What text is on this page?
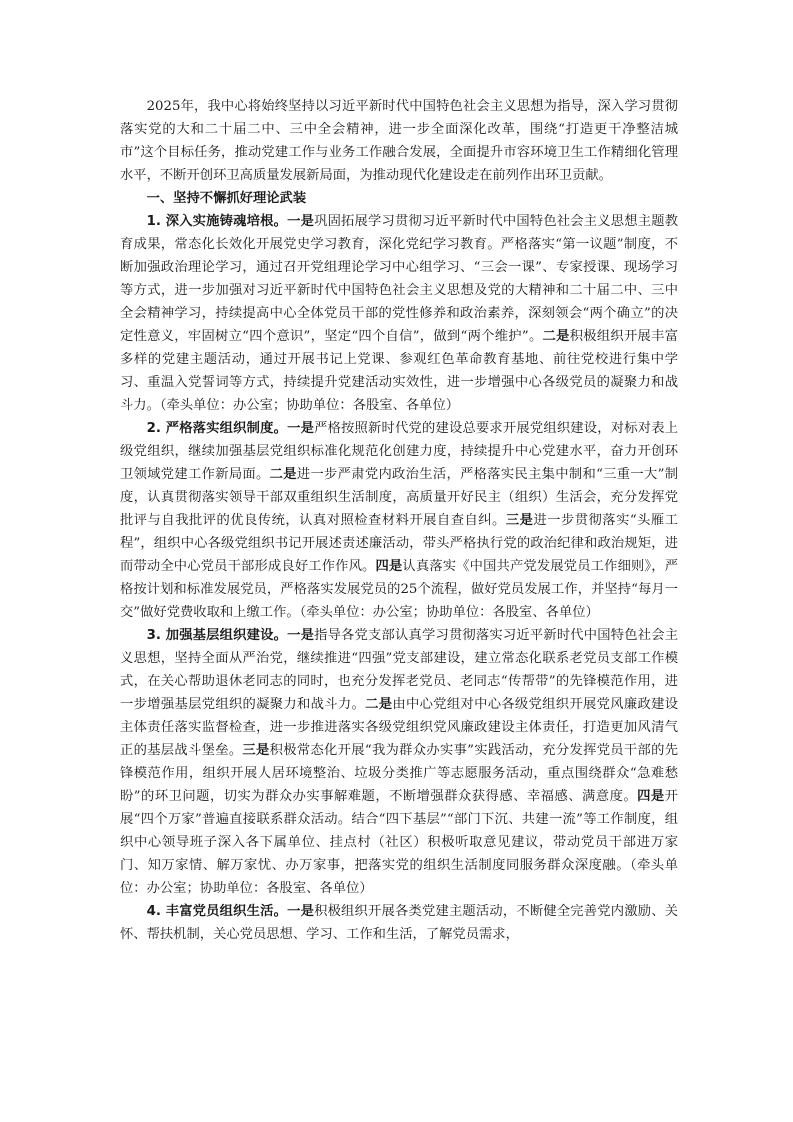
2025年，我中心将始终坚持以习近平新时代中国特色社会主义思想为指导，深入学习贯彻落实党的大和二十届二中、三中全会精神，进一步全面深化改革，围绕“打造更干净整洁城市”这个目标任务，推动党建工作与业务工作融合发展，全面提升市容环境卫生工作精细化管理水平，不断开创环卫高质量发展新局面，为推动现代化建设走在前列作出环卫贡献。

一、坚持不懈抓好理论武装

1. 深入实施铸魂培根。一是巩固拓展学习贯彻习近平新时代中国特色社会主义思想主题教育成果，常态化长效化开展党史学习教育，深化党纪学习教育。严格落实“第一议题”制度，不断加强政治理论学习，通过召开党组理论学习中心组学习、“三会一课”、专家授课、现场学习等方式，进一步加强对习近平新时代中国特色社会主义思想及党的大精神和二十届二中、三中全会精神学习，持续提高中心全体党员干部的党性修养和政治素养，深刻领会“两个确立”的决定性意义，牢固树立“四个意识”，坚定“四个自信”，做到“两个维护”。二是积极组织开展丰富多样的党建主题活动，通过开展书记上党课、参观红色革命教育基地、前往党校进行集中学习、重温入党誓词等方式，持续提升党建活动实效性，进一步增强中心各级党员的凝聚力和战斗力。（牵头单位：办公室；协助单位：各股室、各单位）

2. 严格落实组织制度。一是严格按照新时代党的建设总要求开展党组织建设，对标对表上级党组织，继续加强基层党组织标准化规范化创建力度，持续提升中心党建水平，奋力开创环卫领域党建工作新局面。二是进一步严肃党内政治生活，严格落实民主集中制和“三重一大”制度，认真贯彻落实领导干部双重组织生活制度，高质量开好民主（组织）生活会，充分发挥党批评与自我批评的优良传统，认真对照检查材料开展自查自纠。三是进一步贯彻落实“头雁工程”，组织中心各级党组织书记开展述责述廉活动，带头严格执行党的政治纪律和政治规矩，进而带动全中心党员干部形成良好工作作风。四是认真落实《中国共产党发展党员工作细则》，严格按计划和标准发展党员，严格落实发展党员的25个流程，做好党员发展工作，并坚持“每月一交”做好党费收取和上缴工作。（牵头单位：办公室；协助单位：各股室、各单位）

3. 加强基层组织建设。一是指导各党支部认真学习贯彻落实习近平新时代中国特色社会主义思想，坚持全面从严治党，继续推进“四强”党支部建设，建立常态化联系老党员支部工作模式，在关心帮助退休老同志的同时，也充分发挥老党员、老同志“传帮带”的先锋模范作用，进一步增强基层党组织的凝聚力和战斗力。二是由中心党组对中心各级党组织开展党风廉政建设主体责任落实监督检查，进一步推进落实各级党组织党风廉政建设主体责任，打造更加风清气正的基层战斗堡垒。三是积极常态化开展“我为群众办实事”实践活动，充分发挥党员干部的先锋模范作用，组织开展人居环境整治、垃圾分类推广等志愿服务活动，重点围绕群众“急难愁盼”的环卫问题，切实为群众办实事解难题，不断增强群众获得感、幸福感、满意度。四是开展“四个万家”普遍直接联系群众活动。结合“四下基层”“部门下沉、共建一流”等工作制度，组织中心领导班子深入各下属单位、挂点村（社区）积极听取意见建议，带动党员干部进万家门、知万家情、解万家忧、办万家事，把落实党的组织生活制度同服务群众深度融。（牵头单位：办公室；协助单位：各股室、各单位）

4. 丰富党员组织生活。一是积极组织开展各类党建主题活动，不断健全完善党内激励、关怀、帮扶机制，关心党员思想、学习、工作和生活，了解党员需求，
